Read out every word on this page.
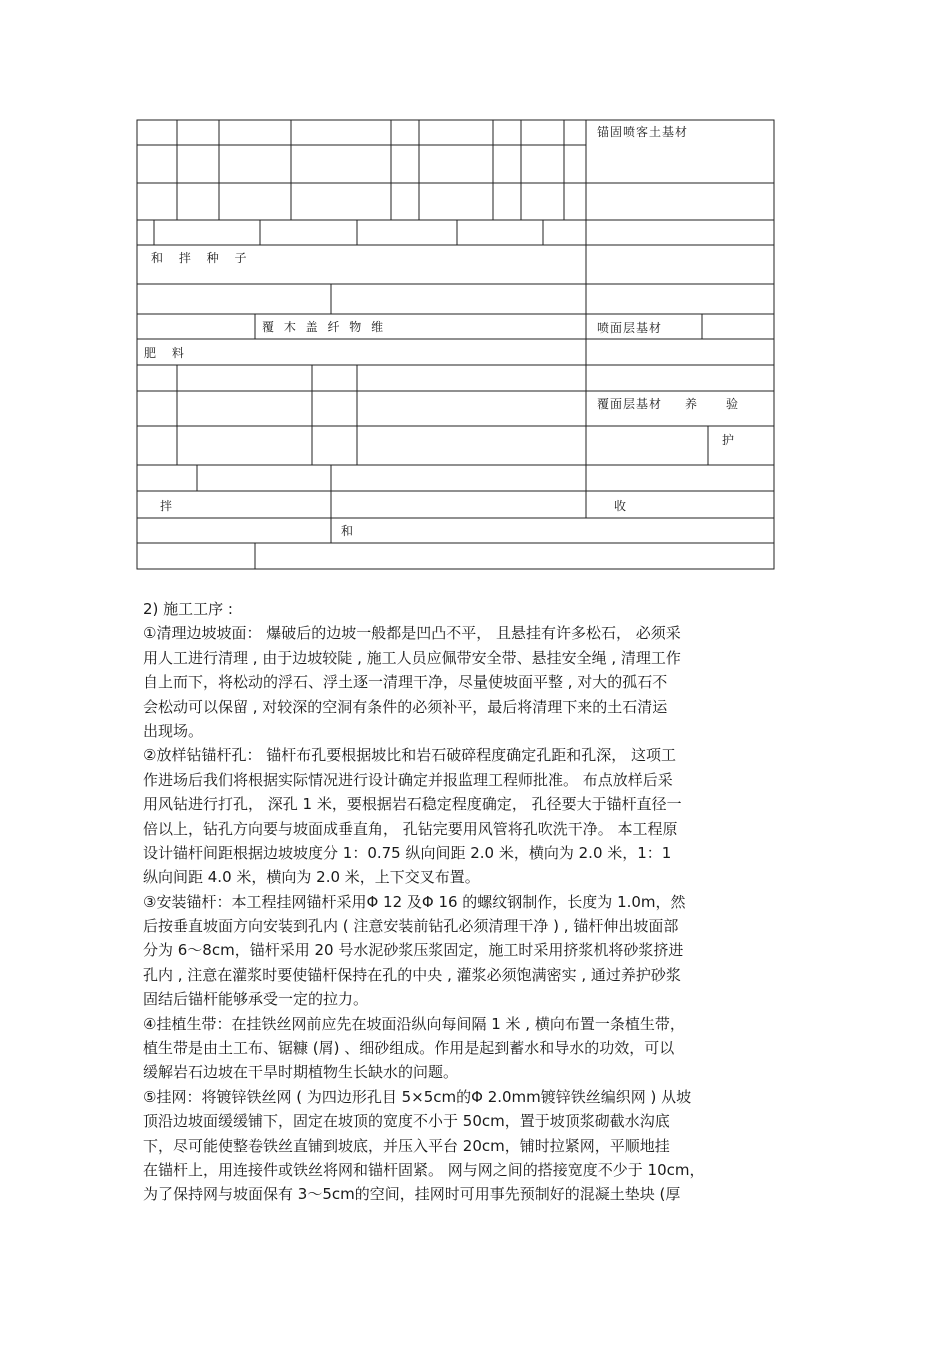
锚固喷客土基材
和 拌 种 子
覆 木 盖 纤 物 维	喷面层基材
肥 料
覆面层基材 养 验
护
拌	收
和
2) 施工工序 :
①清理边坡坡面： 爆破后的边坡一般都是凹凸不平， 且悬挂有许多松石， 必须采
用人工进行清理 , 由于边坡较陡 , 施工人员应佩带安全带、悬挂安全绳 , 清理工作
自上而下，将松动的浮石、浮土逐一清理干净，尽量使坡面平整 , 对大的孤石不
会松动可以保留 , 对较深的空洞有条件的必须补平，最后将清理下来的土石清运
出现场。
②放样钻锚杆孔： 锚杆布孔要根据坡比和岩石破碎程度确定孔距和孔深， 这项工
作进场后我们将根据实际情况进行设计确定并报监理工程师批准。 布点放样后采
用风钻进行打孔， 深孔 1 米，要根据岩石稳定程度确定， 孔径要大于锚杆直径一
倍以上，钻孔方向要与坡面成垂直角， 孔钻完要用风管将孔吹洗干净。 本工程原
设计锚杆间距根据边坡坡度分 1：0.75 纵向间距 2.0 米，横向为 2.0 米，1：1
纵向间距 4.0 米，横向为 2.0 米，上下交叉布置。
③安装锚杆：本工程挂网锚杆采用Φ 12 及Φ 16 的螺纹钢制作，长度为 1.0m，然
后按垂直坡面方向安装到孔内 ( 注意安装前钻孔必须清理干净 ) , 锚杆伸出坡面部
分为 6～8cm，锚杆采用 20 号水泥砂浆压浆固定，施工时采用挤浆机将砂浆挤进
孔内 , 注意在灌浆时要使锚杆保持在孔的中央 , 灌浆必须饱满密实 , 通过养护砂浆
固结后锚杆能够承受一定的拉力。
④挂植生带：在挂铁丝网前应先在坡面沿纵向每间隔 1 米 , 横向布置一条植生带，
植生带是由土工布、锯糠 (屑) 、细砂组成。作用是起到蓄水和导水的功效，可以
缓解岩石边坡在干旱时期植物生长缺水的问题。
⑤挂网：将镀锌铁丝网 ( 为四边形孔目 5×5cm的Φ 2.0mm镀锌铁丝编织网 ) 从坡
顶沿边坡面缓缓铺下，固定在坡顶的宽度不小于 50cm，置于坡顶浆砌截水沟底
下，尽可能使整卷铁丝直铺到坡底，并压入平台 20cm，铺时拉紧网，平顺地挂
在锚杆上，用连接件或铁丝将网和锚杆固紧。 网与网之间的搭接宽度不少于 10cm，
为了保持网与坡面保有 3～5cm的空间，挂网时可用事先预制好的混凝土垫块 (厚
